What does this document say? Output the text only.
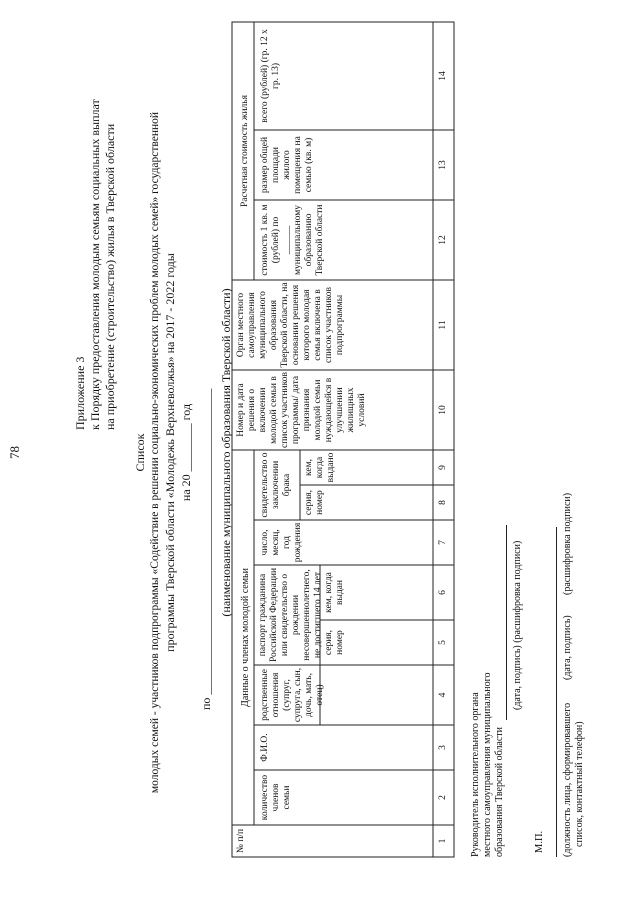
78
Приложение 3 к Порядку предоставления молодым семьям социальных выплат на приобретение (строительство) жилья в Тверской области
Список молодых семей - участников подпрограммы «Содействие в решении социально-экономических проблем молодых семей» государственной программы Тверской области «Молодежь Верхневолжья» на 2017 - 2022 годы на 20 ________ год по ___________________________________________________ (наименование муниципального образования Тверской области)
№ п/п
Данные о членах молодой семьи
количество членов семьи
Ф.И.О.
родственные отношения (супруг, супруга, сын, дочь, мать, отец)
паспорт гражданина Российской Федерации или свидетельство о рождении несовершеннолетнего, не достигшего 14 лет серия, номер
кем, когда выдан
число, месяц, год рождения
свидетельство о заключении брака
серия, номер
кем, когда выдано
Номер и дата решения о включении молодой семьи в список участников программы/ дата признания молодой семьи нуждающейся в улучшении жилищных условий
Орган местного самоуправления муниципального образования Тверской области, на основании решения которого молодая семья включена в список участников подпрограммы
Расчетная стоимость жилья
стоимость 1 кв. м (рублей) по ______ муниципальному образованию Тверской области
размер общей площади жилого помещения на семью (кв. м)
всего (рублей) (гр. 12 х гр. 13)
1
2
3
4
5
6
7
8
9
10
11
12
13
14
Руководитель исполнительного органа местного самоуправления муниципального образования Тверской области
(дата, подпись) (расшифровка подписи)
М.П. (должность лица, сформировавшего список, контактный телефон)
(дата, подпись)
(расшифровка подписи)
